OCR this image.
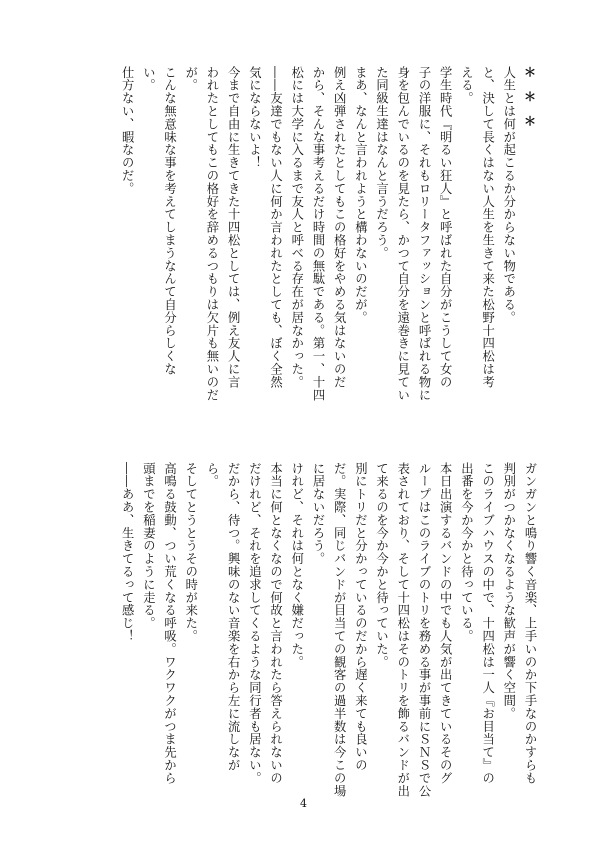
＊＊＊

人生とは何が起こるか分からない物である。

と、決して長くはない人生を生きて来た松野十四松は考

える。

学生時代『明るい狂人』と呼ばれた自分がこうして女の

子の洋服に、それもロリータファッションと呼ばれる物に

身を包んでいるのを見たら、かつて自分を遠巻きに見てい

た同級生達はなんと言うだろう。

まあ、なんと言われようと構わないのだが。

例え凶弾されたとしてもこの格好をやめる気はないのだ

から、そんな事考えるだけ時間の無駄である。第一、十四

松には大学に入るまで友人と呼べる存在が居なかった。

――友達でもない人に何か言われたとしても、ぼく全然

気にならないよ！

今まで自由に生きてきた十四松としては、例え友人に言

われたとしてもこの格好を辞めるつもりは欠片も無いのだ

が。

こんな無意味な事を考えてしまうなんて自分らしくな

い。

仕方ない、暇なのだ。

ガンガンと鳴り響く音楽、上手いのか下手なのかすらも

判別がつかなくなるような歓声が響く空間。

このライブハウスの中で、十四松は一人『お目当て』の

出番を今か今かと待っている。

本日出演するバンドの中でも人気が出てきているそのグ

ループはこのライブのトリを務める事が事前にＳＮＳで公

表されており、そして十四松はそのトリを飾るバンドが出

て来るのを今か今かと待っていた。

別にトリだと分かっているのだから遅く来ても良いの

だ。実際、同じバンドが目当ての観客の過半数は今この場

に居ないだろう。

けれど、それは何となく嫌だった。

本当に何となくなので何故と言われたら答えられないの

だけれど、それを追求してくるような同行者も居ない。

だから、待つ。興味のない音楽を右から左に流しなが

ら。

そしてとうとうその時が来た。

高鳴る鼓動、つい荒くなる呼吸。ワクワクがつま先から

頭までを稲妻のように走る。

――ああ、生きてるって感じ！

4
